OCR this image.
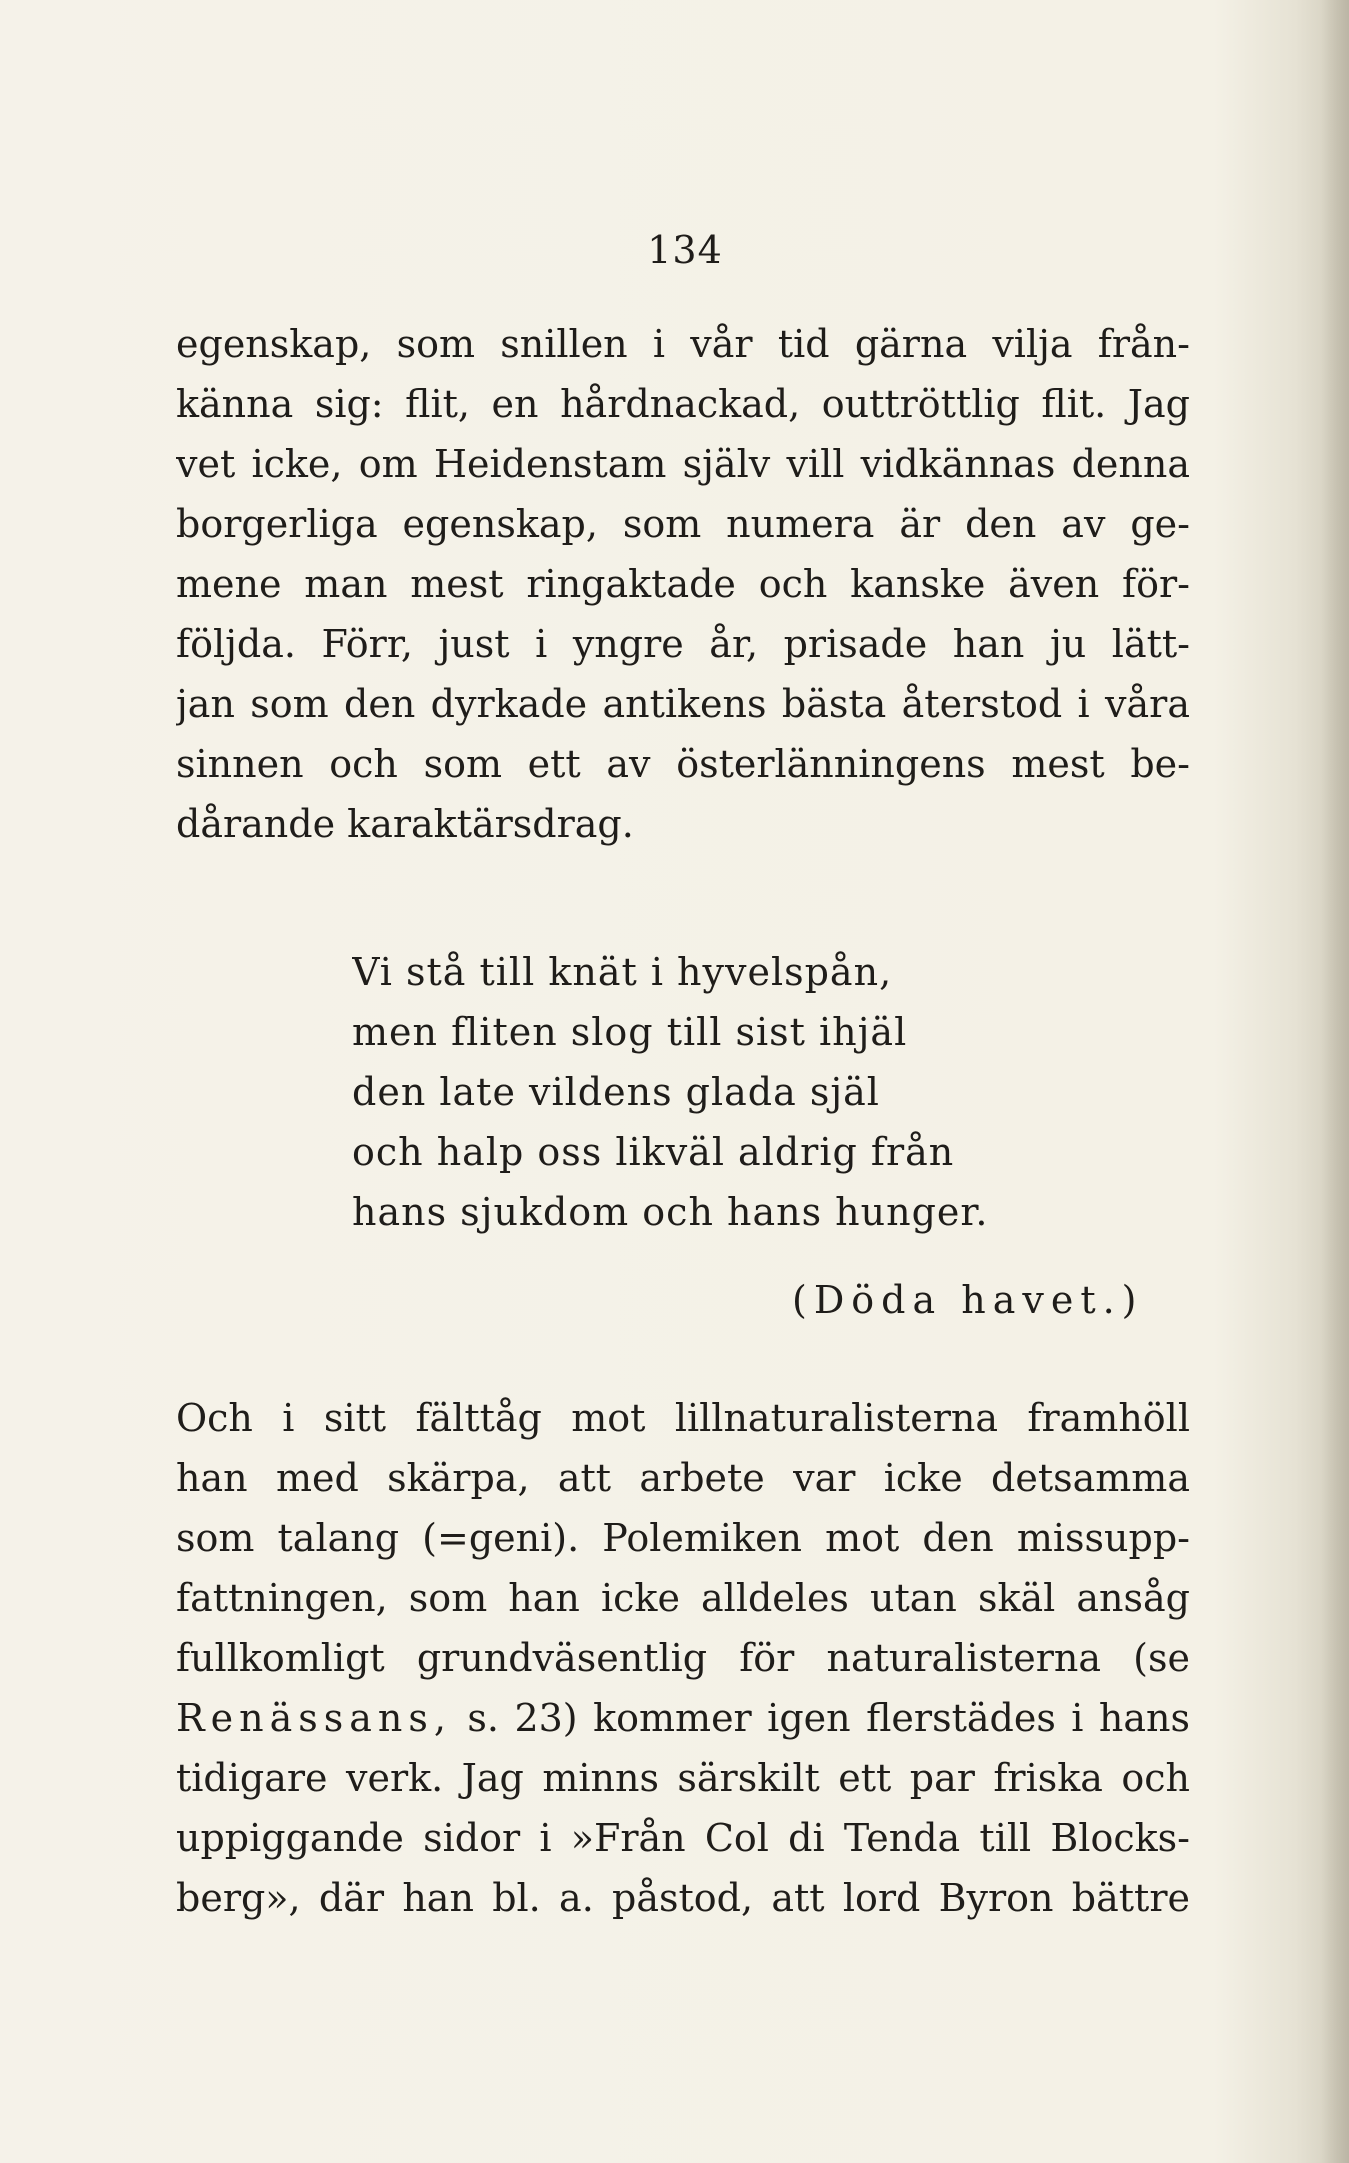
134
egenskap, som snillen i vår tid gärna vilja från-
känna sig: flit, en hårdnackad, outtröttlig flit. Jag
vet icke, om Heidenstam själv vill vidkännas denna
borgerliga egenskap, som numera är den av ge-
mene man mest ringaktade och kanske även för-
följda. Förr, just i yngre år, prisade han ju lätt-
jan som den dyrkade antikens bästa återstod i våra
sinnen och som ett av österlänningens mest be-
dårande karaktärsdrag.
Vi stå till knät i hyvelspån,
men fliten slog till sist ihjäl
den late vildens glada själ
och halp oss likväl aldrig från
hans sjukdom och hans hunger.
(Döda havet.)
Och i sitt fälttåg mot lillnaturalisterna framhöll
han med skärpa, att arbete var icke detsamma
som talang (=geni). Polemiken mot den missupp-
fattningen, som han icke alldeles utan skäl ansåg
fullkomligt grundväsentlig för naturalisterna (se
Renässans, s. 23) kommer igen flerstädes i hans
tidigare verk. Jag minns särskilt ett par friska och
uppiggande sidor i »Från Col di Tenda till Blocks-
berg», där han bl. a. påstod, att lord Byron bättre
